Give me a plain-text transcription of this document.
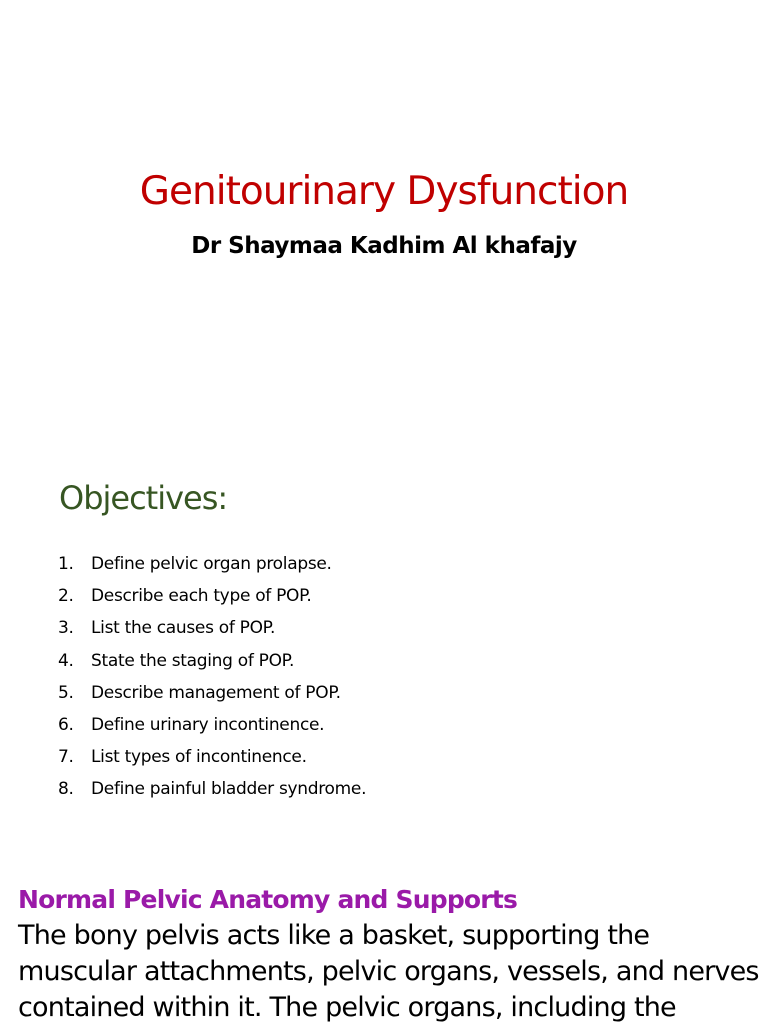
Genitourinary Dysfunction
Dr Shaymaa Kadhim Al khafajy
Objectives:
1. Define pelvic organ prolapse.
2. Describe each type of POP.
3. List the causes of POP.
4. State the staging of POP.
5. Describe management of POP.
6. Define urinary incontinence.
7. List types of incontinence.
8. Define painful bladder syndrome.
Normal Pelvic Anatomy and Supports

The bony pelvis acts like a basket, supporting the
muscular attachments, pelvic organs, vessels, and nerves
contained within it. The pelvic organs, including the
